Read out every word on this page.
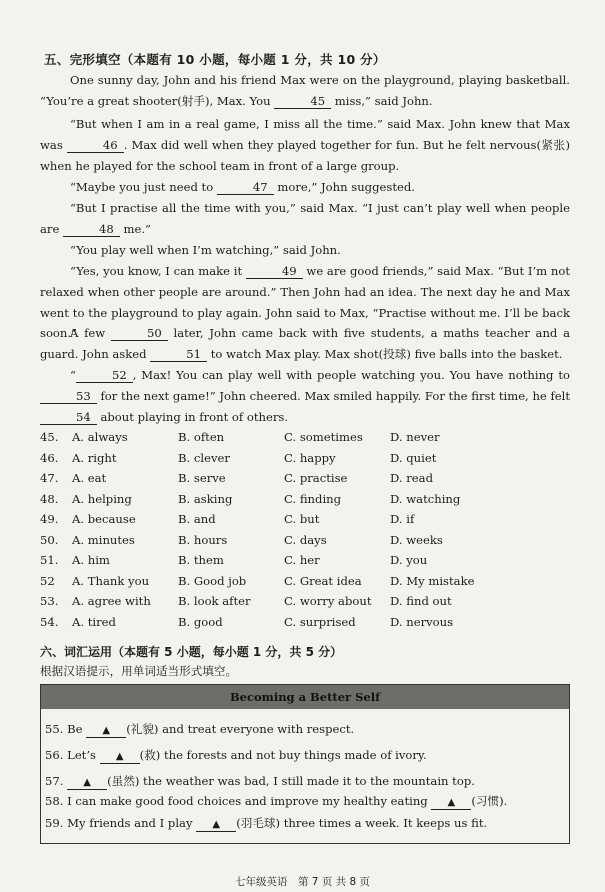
五、完形填空（本题有 10 小题，每小题 1 分，共 10 分）
One sunny day, John and his friend Max were on the playground, playing basketball. “You’re a great shooter(射手), Max. You	45 miss,” said John.
“But when I am in a real game, I miss all the time.” said Max. John knew that Max was	46 . Max did well when they played together for fun. But he felt nervous(紧张) when he played for the school team in front of a large group.
“Maybe you just need to	47 more,” John suggested.
“But I practise all the time with you,” said Max. “I just can’t play well when people are	48 me.”
“You play well when I’m watching,” said John.
“Yes, you know, I can make it	49 we are good friends,” said Max. “But I’m not relaxed when other people are around.” Then John had an idea. The next day he and Max went to the playground to play again. John said to Max, “Practise without me. I’ll be back soon.”
A few	50 later, John came back with five students, a maths teacher and a guard. John asked	51 to watch Max play. Max shot(投球) five balls into the basket.
“	52 , Max! You can play well with people watching you. You have nothing to 53 for the next game!” John cheered. Max smiled happily. For the first time, he felt 54 about playing in front of others.
45.	A. always	B. often	C. sometimes	D. never
46.	A. right	B. clever	C. happy	D. quiet
47.	A. eat	B. serve	C. practise	D. read
48.	A. helping	B. asking	C. finding	D. watching
49.	A. because	B. and	C. but	D. if
50.	A. minutes	B. hours	C. days	D. weeks
51.	A. him	B. them	C. her	D. you
52	A. Thank you	B. Good job	C. Great idea	D. My mistake
53.	A. agree with	B. look after	C. worry about	D. find out
54.	A. tired	B. good	C. surprised	D. nervous
六、词汇运用（本题有 5 小题，每小题 1 分，共 5 分）
根据汉语提示，用单词适当形式填空。
Becoming a Better Self
55. Be ▲ (礼貌) and treat everyone with respect.
56. Let’s ▲ (救) the forests and not buy things made of ivory.
57. ▲ (虽然) the weather was bad, I still made it to the mountain top.
58. I can make good food choices and improve my healthy eating ▲ (习惯).
59. My friends and I play ▲ (羽毛球) three times a week. It keeps us fit.
七年级英语　第 7 页 共 8 页
